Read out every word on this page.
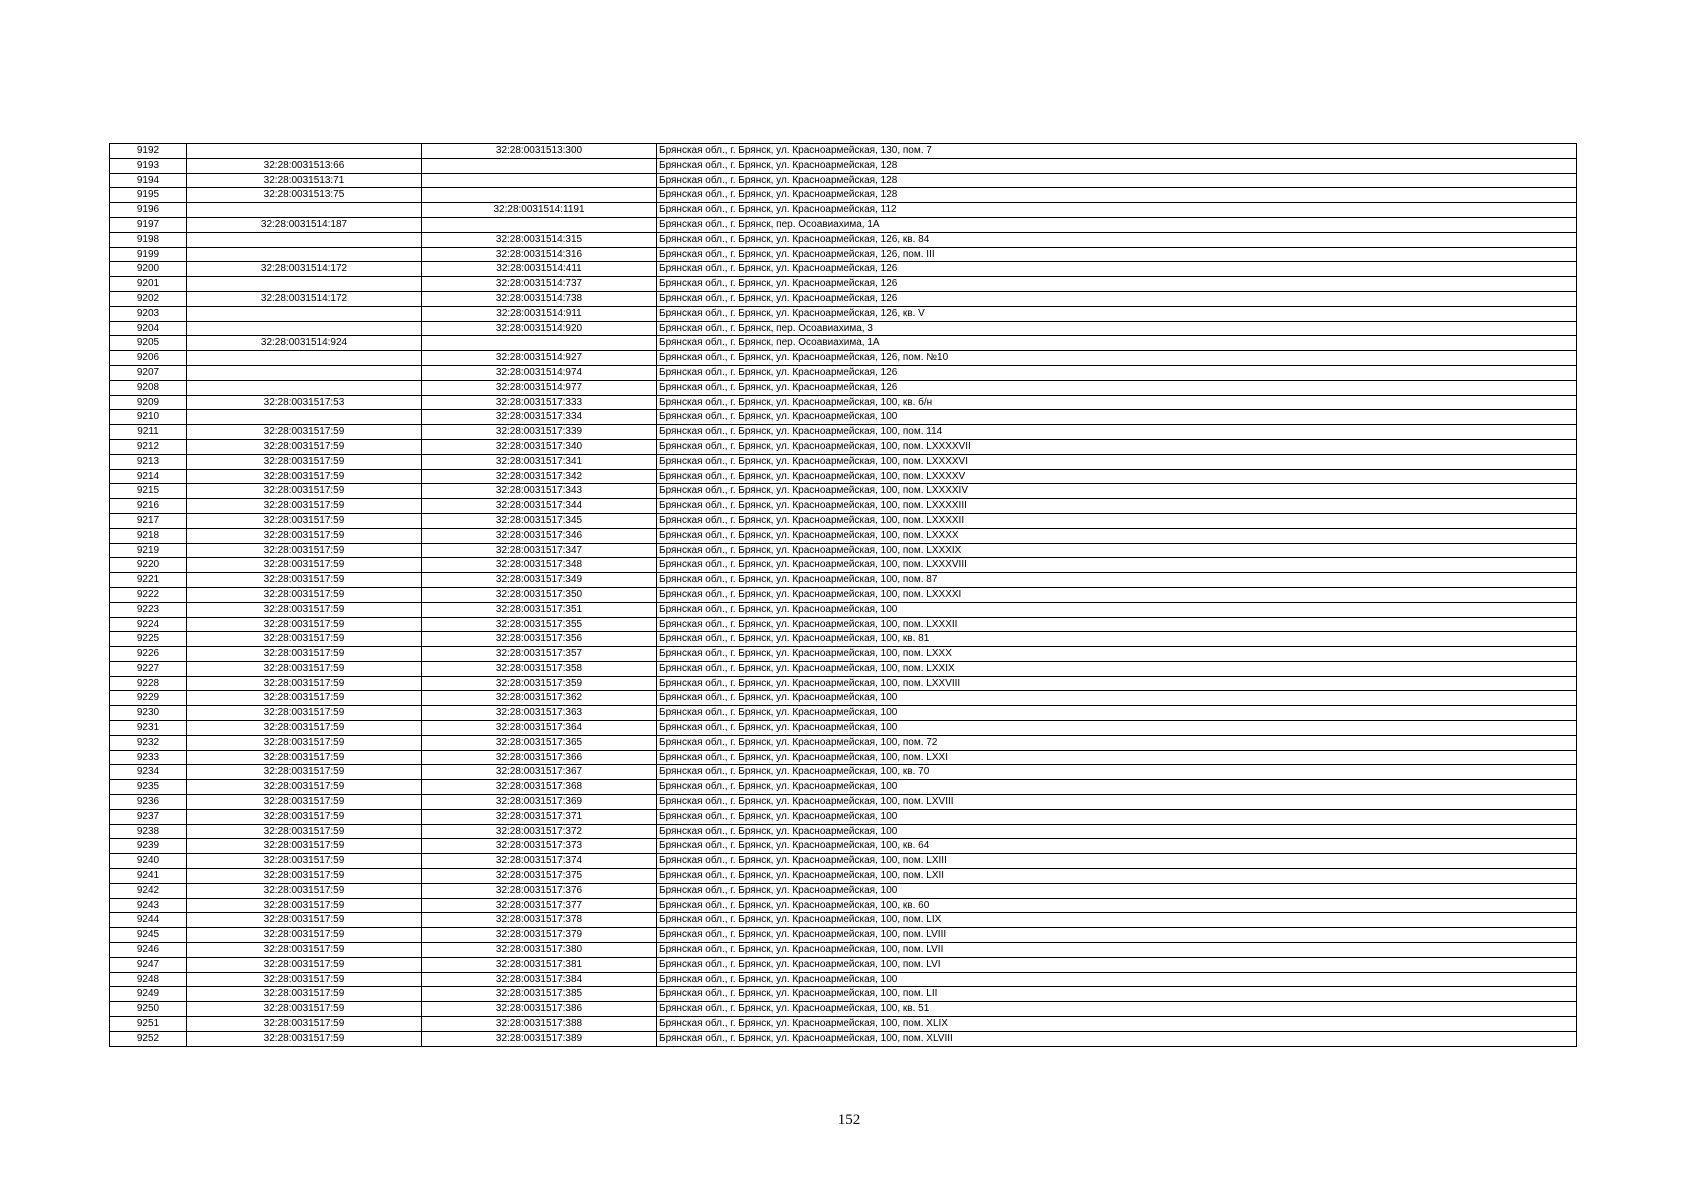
9192		32:28:0031513:300	Брянская обл., г. Брянск, ул. Красноармейская, 130, пом. 7
9193	32:28:0031513:66		Брянская обл., г. Брянск, ул. Красноармейская, 128
9194	32:28:0031513:71		Брянская обл., г. Брянск, ул. Красноармейская, 128
9195	32:28:0031513:75		Брянская обл., г. Брянск, ул. Красноармейская, 128
9196		32:28:0031514:1191	Брянская обл., г. Брянск, ул. Красноармейская, 112
9197	32:28:0031514:187		Брянская обл., г. Брянск, пер. Осоавиахима, 1А
9198		32:28:0031514:315	Брянская обл., г. Брянск, ул. Красноармейская, 126, кв. 84
9199		32:28:0031514:316	Брянская обл., г. Брянск, ул. Красноармейская, 126, пом. III
9200	32:28:0031514:172	32:28:0031514:411	Брянская обл., г. Брянск, ул. Красноармейская, 126
9201		32:28:0031514:737	Брянская обл., г. Брянск, ул. Красноармейская, 126
9202	32:28:0031514:172	32:28:0031514:738	Брянская обл., г. Брянск, ул. Красноармейская, 126
9203		32:28:0031514:911	Брянская обл., г. Брянск, ул. Красноармейская, 126, кв. V
9204		32:28:0031514:920	Брянская обл., г. Брянск, пер. Осоавиахима, 3
9205	32:28:0031514:924		Брянская обл., г. Брянск, пер. Осоавиахима, 1А
9206		32:28:0031514:927	Брянская обл., г. Брянск, ул. Красноармейская, 126, пом. №10
9207		32:28:0031514:974	Брянская обл., г. Брянск, ул. Красноармейская, 126
9208		32:28:0031514:977	Брянская обл., г. Брянск, ул. Красноармейская, 126
9209	32:28:0031517:53	32:28:0031517:333	Брянская обл., г. Брянск, ул. Красноармейская, 100, кв. б/н
9210		32:28:0031517:334	Брянская обл., г. Брянск, ул. Красноармейская, 100
9211	32:28:0031517:59	32:28:0031517:339	Брянская обл., г. Брянск, ул. Красноармейская, 100, пом. 114
9212	32:28:0031517:59	32:28:0031517:340	Брянская обл., г. Брянск, ул. Красноармейская, 100, пом. LXXXXVII
9213	32:28:0031517:59	32:28:0031517:341	Брянская обл., г. Брянск, ул. Красноармейская, 100, пом. LXXXXVI
9214	32:28:0031517:59	32:28:0031517:342	Брянская обл., г. Брянск, ул. Красноармейская, 100, пом. LXXXXV
9215	32:28:0031517:59	32:28:0031517:343	Брянская обл., г. Брянск, ул. Красноармейская, 100, пом. LXXXXIV
9216	32:28:0031517:59	32:28:0031517:344	Брянская обл., г. Брянск, ул. Красноармейская, 100, пом. LXXXXIII
9217	32:28:0031517:59	32:28:0031517:345	Брянская обл., г. Брянск, ул. Красноармейская, 100, пом. LXXXXII
9218	32:28:0031517:59	32:28:0031517:346	Брянская обл., г. Брянск, ул. Красноармейская, 100, пом. LXXXX
9219	32:28:0031517:59	32:28:0031517:347	Брянская обл., г. Брянск, ул. Красноармейская, 100, пом. LXXXIX
9220	32:28:0031517:59	32:28:0031517:348	Брянская обл., г. Брянск, ул. Красноармейская, 100, пом. LXXXVIII
9221	32:28:0031517:59	32:28:0031517:349	Брянская обл., г. Брянск, ул. Красноармейская, 100, пом. 87
9222	32:28:0031517:59	32:28:0031517:350	Брянская обл., г. Брянск, ул. Красноармейская, 100, пом. LXXXXI
9223	32:28:0031517:59	32:28:0031517:351	Брянская обл., г. Брянск, ул. Красноармейская, 100
9224	32:28:0031517:59	32:28:0031517:355	Брянская обл., г. Брянск, ул. Красноармейская, 100, пом. LXXXII
9225	32:28:0031517:59	32:28:0031517:356	Брянская обл., г. Брянск, ул. Красноармейская, 100, кв. 81
9226	32:28:0031517:59	32:28:0031517:357	Брянская обл., г. Брянск, ул. Красноармейская, 100, пом. LXXX
9227	32:28:0031517:59	32:28:0031517:358	Брянская обл., г. Брянск, ул. Красноармейская, 100, пом. LXXIX
9228	32:28:0031517:59	32:28:0031517:359	Брянская обл., г. Брянск, ул. Красноармейская, 100, пом. LXXVIII
9229	32:28:0031517:59	32:28:0031517:362	Брянская обл., г. Брянск, ул. Красноармейская, 100
9230	32:28:0031517:59	32:28:0031517:363	Брянская обл., г. Брянск, ул. Красноармейская, 100
9231	32:28:0031517:59	32:28:0031517:364	Брянская обл., г. Брянск, ул. Красноармейская, 100
9232	32:28:0031517:59	32:28:0031517:365	Брянская обл., г. Брянск, ул. Красноармейская, 100, пом. 72
9233	32:28:0031517:59	32:28:0031517:366	Брянская обл., г. Брянск, ул. Красноармейская, 100, пом. LXXI
9234	32:28:0031517:59	32:28:0031517:367	Брянская обл., г. Брянск, ул. Красноармейская, 100, кв. 70
9235	32:28:0031517:59	32:28:0031517:368	Брянская обл., г. Брянск, ул. Красноармейская, 100
9236	32:28:0031517:59	32:28:0031517:369	Брянская обл., г. Брянск, ул. Красноармейская, 100, пом. LXVIII
9237	32:28:0031517:59	32:28:0031517:371	Брянская обл., г. Брянск, ул. Красноармейская, 100
9238	32:28:0031517:59	32:28:0031517:372	Брянская обл., г. Брянск, ул. Красноармейская, 100
9239	32:28:0031517:59	32:28:0031517:373	Брянская обл., г. Брянск, ул. Красноармейская, 100, кв. 64
9240	32:28:0031517:59	32:28:0031517:374	Брянская обл., г. Брянск, ул. Красноармейская, 100, пом. LXIII
9241	32:28:0031517:59	32:28:0031517:375	Брянская обл., г. Брянск, ул. Красноармейская, 100, пом. LXII
9242	32:28:0031517:59	32:28:0031517:376	Брянская обл., г. Брянск, ул. Красноармейская, 100
9243	32:28:0031517:59	32:28:0031517:377	Брянская обл., г. Брянск, ул. Красноармейская, 100, кв. 60
9244	32:28:0031517:59	32:28:0031517:378	Брянская обл., г. Брянск, ул. Красноармейская, 100, пом. LIX
9245	32:28:0031517:59	32:28:0031517:379	Брянская обл., г. Брянск, ул. Красноармейская, 100, пом. LVIII
9246	32:28:0031517:59	32:28:0031517:380	Брянская обл., г. Брянск, ул. Красноармейская, 100, пом. LVII
9247	32:28:0031517:59	32:28:0031517:381	Брянская обл., г. Брянск, ул. Красноармейская, 100, пом. LVI
9248	32:28:0031517:59	32:28:0031517:384	Брянская обл., г. Брянск, ул. Красноармейская, 100
9249	32:28:0031517:59	32:28:0031517:385	Брянская обл., г. Брянск, ул. Красноармейская, 100, пом. LII
9250	32:28:0031517:59	32:28:0031517:386	Брянская обл., г. Брянск, ул. Красноармейская, 100, кв. 51
9251	32:28:0031517:59	32:28:0031517:388	Брянская обл., г. Брянск, ул. Красноармейская, 100, пом. XLIX
9252	32:28:0031517:59	32:28:0031517:389	Брянская обл., г. Брянск, ул. Красноармейская, 100, пом. XLVIII
152
